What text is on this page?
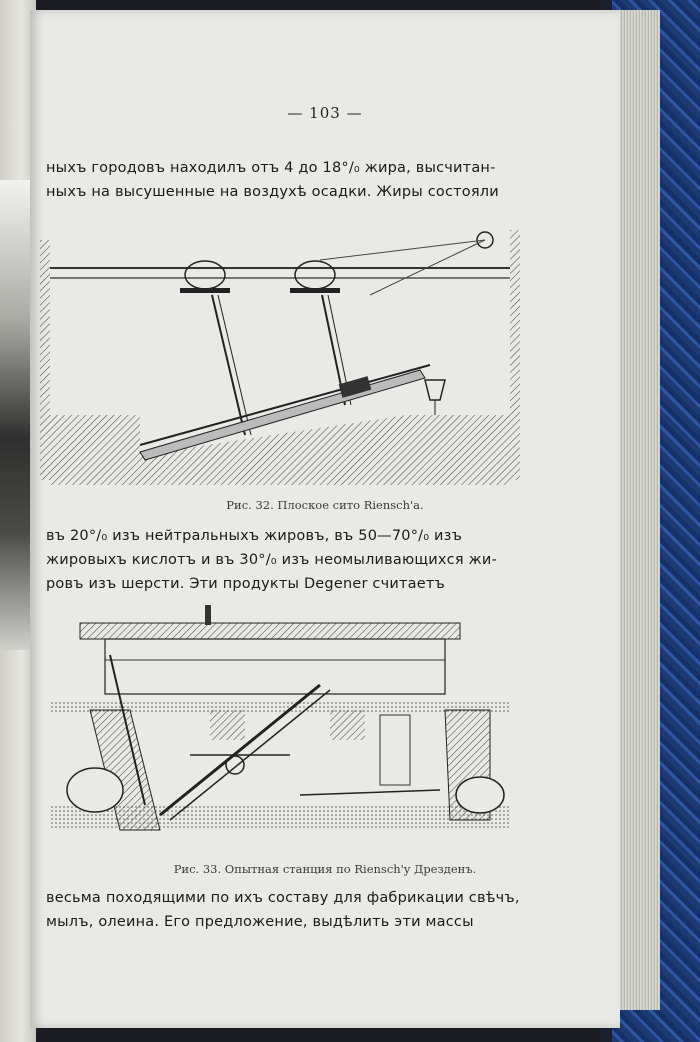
— 103 —
ныхъ городовъ находилъ отъ 4 до 18°/₀ жира, высчитан-
ныхъ на высушенные на воздухѣ осадки. Жиры состояли
Рис. 32. Плоское сито Riensch'a.
въ 20°/₀ изъ нейтральныхъ жировъ, въ 50—70°/₀ изъ
жировыхъ кислотъ и въ 30°/₀ изъ неомыливающихся жи-
ровъ изъ шерсти. Эти продукты Degener считаетъ
Рис. 33. Опытная станция по Riensch'y Дрезденъ.
весьма походящими по ихъ составу для фабрикации свѣчъ,
мылъ, олеина. Его предложение, выдѣлить эти массы
